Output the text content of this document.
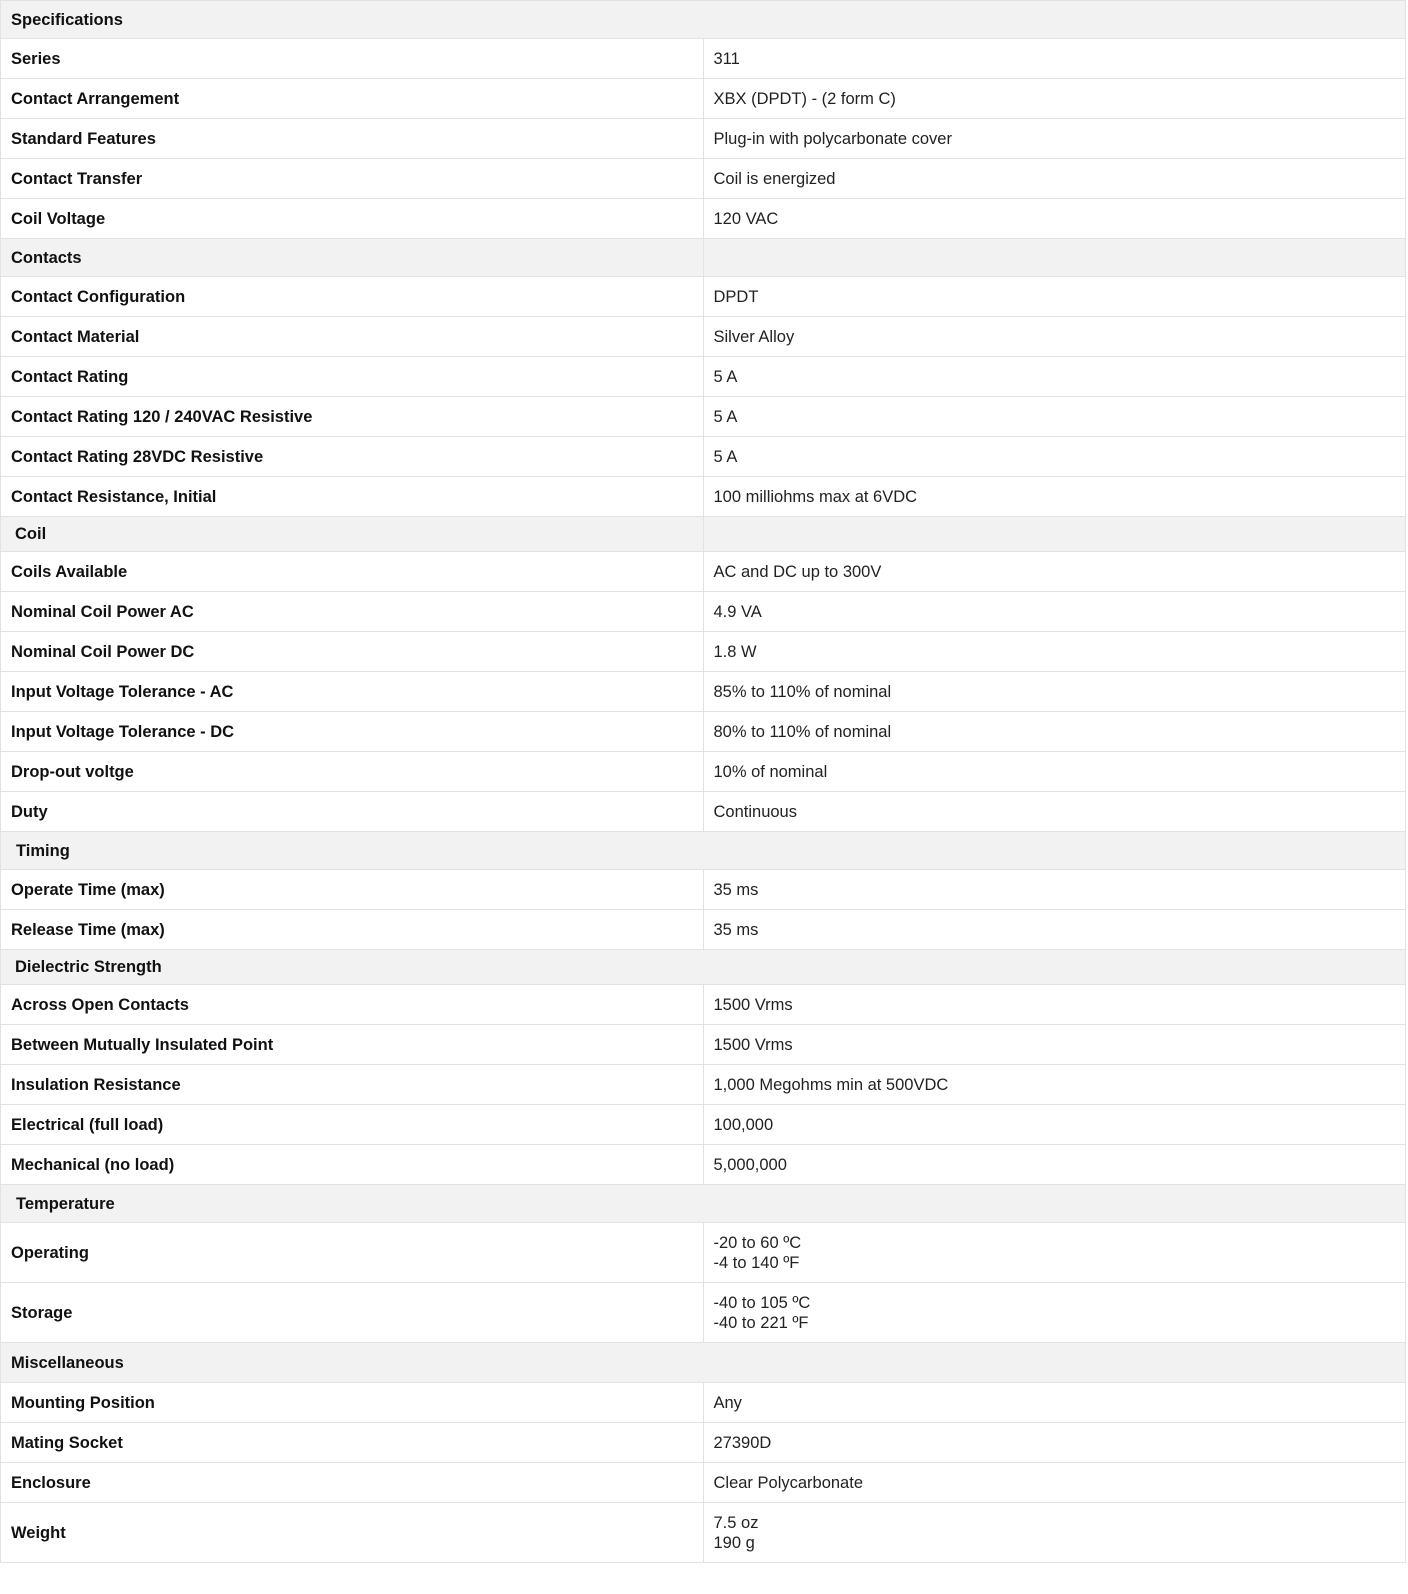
Specifications	
Series	311

Contact Arrangement	XBX (DPDT) - (2 form C)

Standard Features	Plug-in with polycarbonate cover

Contact Transfer	Coil is energized

Coil Voltage	120 VAC

Contacts	
Contact Configuration	DPDT

Contact Material	Silver Alloy

Contact Rating	5 A

Contact Rating 120 / 240VAC Resistive	5 A

Contact Rating 28VDC Resistive	5 A

Contact Resistance, Initial	100 milliohms max at 6VDC

Coil	
Coils Available	AC and DC up to 300V

Nominal Coil Power AC	4.9 VA

Nominal Coil Power DC	1.8 W

Input Voltage Tolerance - AC	85% to 110% of nominal

Input Voltage Tolerance - DC	80% to 110% of nominal

Drop-out voltge	10% of nominal

Duty	Continuous

Timing	
Operate Time (max)	35 ms

Release Time (max)	35 ms

Dielectric Strength	
Across Open Contacts	1500 Vrms

Between Mutually Insulated Point	1500 Vrms

Insulation Resistance	1,000 Megohms min at 500VDC

Electrical (full load)	100,000

Mechanical (no load)	5,000,000

Temperature	
Operating	-20 to 60 ºC
-4 to 140 ºF

Storage	-40 to 105 ºC
-40 to 221 ºF

Miscellaneous	
Mounting Position	Any

Mating Socket	27390D

Enclosure	Clear Polycarbonate

Weight	7.5 oz
190 g
